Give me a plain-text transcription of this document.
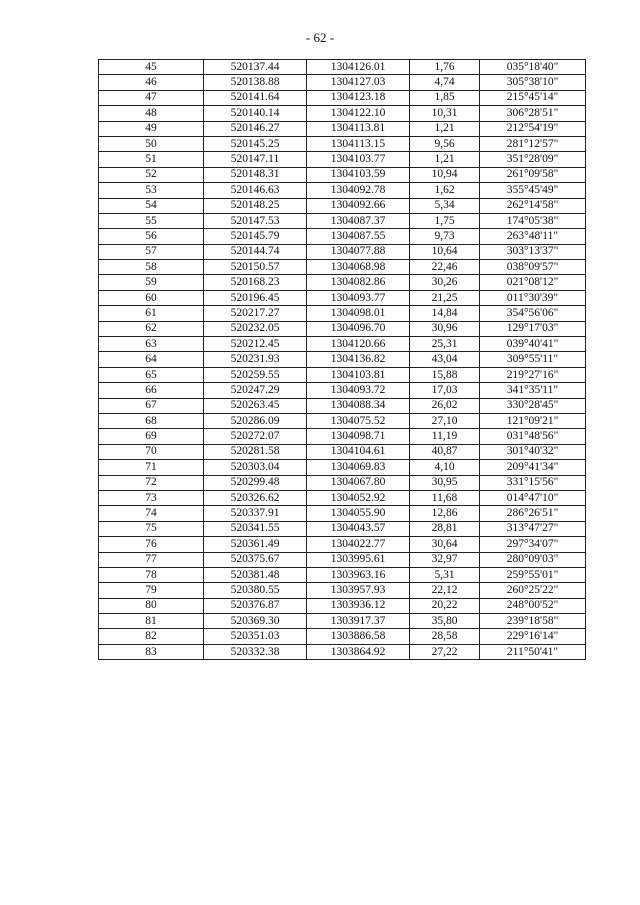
- 62 -
45	520137.44	1304126.01	1,76	035°18'40"
46	520138.88	1304127.03	4,74	305°38'10"
47	520141.64	1304123.18	1,85	215°45'14"
48	520140.14	1304122.10	10,31	306°28'51"
49	520146.27	1304113.81	1,21	212°54'19"
50	520145.25	1304113.15	9,56	281°12'57"
51	520147.11	1304103.77	1,21	351°28'09"
52	520148.31	1304103.59	10,94	261°09'58"
53	520146.63	1304092.78	1,62	355°45'49"
54	520148.25	1304092.66	5,34	262°14'58"
55	520147.53	1304087.37	1,75	174°05'38"
56	520145.79	1304087.55	9,73	263°48'11"
57	520144.74	1304077.88	10,64	303°13'37"
58	520150.57	1304068.98	22,46	038°09'57"
59	520168.23	1304082.86	30,26	021°08'12"
60	520196.45	1304093.77	21,25	011°30'39"
61	520217.27	1304098.01	14,84	354°56'06"
62	520232.05	1304096.70	30,96	129°17'03"
63	520212.45	1304120.66	25,31	039°40'41"
64	520231.93	1304136.82	43,04	309°55'11"
65	520259.55	1304103.81	15,88	219°27'16"
66	520247.29	1304093.72	17,03	341°35'11"
67	520263.45	1304088.34	26,02	330°28'45"
68	520286.09	1304075.52	27,10	121°09'21"
69	520272.07	1304098.71	11,19	031°48'56"
70	520281.58	1304104.61	40,87	301°40'32"
71	520303.04	1304069.83	4,10	209°41'34"
72	520299.48	1304067.80	30,95	331°15'56"
73	520326.62	1304052.92	11,68	014°47'10"
74	520337.91	1304055.90	12,86	286°26'51"
75	520341.55	1304043.57	28,81	313°47'27"
76	520361.49	1304022.77	30,64	297°34'07"
77	520375.67	1303995.61	32,97	280°09'03"
78	520381.48	1303963.16	5,31	259°55'01"
79	520380.55	1303957.93	22,12	260°25'22"
80	520376.87	1303936.12	20,22	248°00'52"
81	520369.30	1303917.37	35,80	239°18'58"
82	520351.03	1303886.58	28,58	229°16'14"
83	520332.38	1303864.92	27,22	211°50'41"
